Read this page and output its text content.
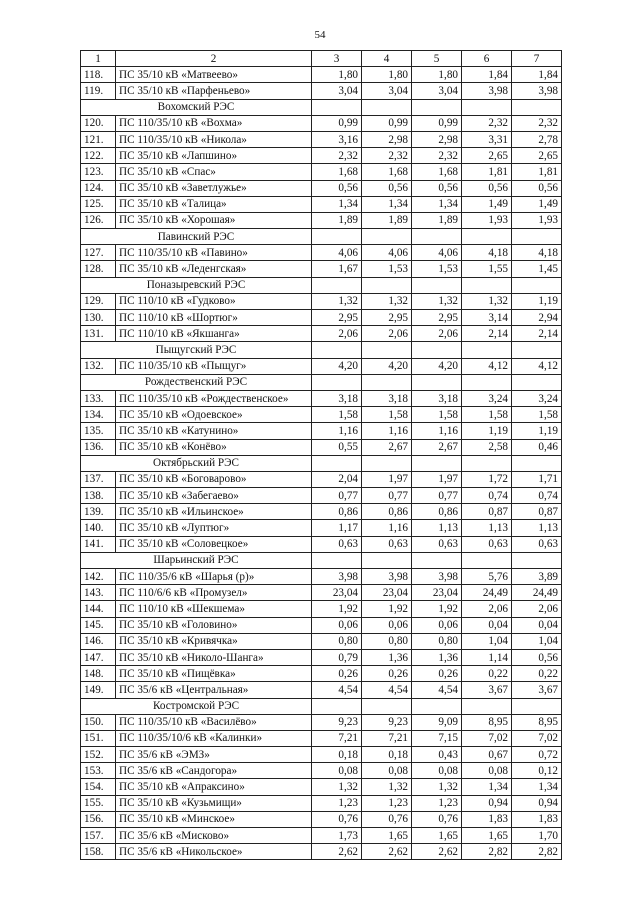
54
1	2	3	4	5	6	7
118.	ПС 35/10 кВ «Матвеево»	1,80	1,80	1,80	1,84	1,84
119.	ПС 35/10 кВ «Парфеньево»	3,04	3,04	3,04	3,98	3,98
Вохомский РЭС						
120.	ПС 110/35/10 кВ «Вохма»	0,99	0,99	0,99	2,32	2,32
121.	ПС 110/35/10 кВ «Никола»	3,16	2,98	2,98	3,31	2,78
122.	ПС 35/10 кВ «Лапшино»	2,32	2,32	2,32	2,65	2,65
123.	ПС 35/10 кВ «Спас»	1,68	1,68	1,68	1,81	1,81
124.	ПС 35/10 кВ «Заветлужье»	0,56	0,56	0,56	0,56	0,56
125.	ПС 35/10 кВ «Талица»	1,34	1,34	1,34	1,49	1,49
126.	ПС 35/10 кВ «Хорошая»	1,89	1,89	1,89	1,93	1,93
Павинский РЭС						
127.	ПС 110/35/10 кВ «Павино»	4,06	4,06	4,06	4,18	4,18
128.	ПС 35/10 кВ «Леденгская»	1,67	1,53	1,53	1,55	1,45
Поназыревский РЭС						
129.	ПС 110/10 кВ «Гудково»	1,32	1,32	1,32	1,32	1,19
130.	ПС 110/10 кВ «Шортюг»	2,95	2,95	2,95	3,14	2,94
131.	ПС 110/10 кВ «Якшанга»	2,06	2,06	2,06	2,14	2,14
Пыщугский РЭС						
132.	ПС 110/35/10 кВ «Пыщуг»	4,20	4,20	4,20	4,12	4,12
Рождественский РЭС						
133.	ПС 110/35/10 кВ «Рождественское»	3,18	3,18	3,18	3,24	3,24
134.	ПС 35/10 кВ «Одоевское»	1,58	1,58	1,58	1,58	1,58
135.	ПС 35/10 кВ «Катунино»	1,16	1,16	1,16	1,19	1,19
136.	ПС 35/10 кВ «Конёво»	0,55	2,67	2,67	2,58	0,46
Октябрьский РЭС						
137.	ПС 35/10 кВ «Боговарово»	2,04	1,97	1,97	1,72	1,71
138.	ПС 35/10 кВ «Забегаево»	0,77	0,77	0,77	0,74	0,74
139.	ПС 35/10 кВ «Ильинское»	0,86	0,86	0,86	0,87	0,87
140.	ПС 35/10 кВ «Луптюг»	1,17	1,16	1,13	1,13	1,13
141.	ПС 35/10 кВ «Соловецкое»	0,63	0,63	0,63	0,63	0,63
Шарьинский РЭС						
142.	ПС 110/35/6 кВ «Шарья (р)»	3,98	3,98	3,98	5,76	3,89
143.	ПС 110/6/6 кВ «Промузел»	23,04	23,04	23,04	24,49	24,49
144.	ПС 110/10 кВ «Шекшема»	1,92	1,92	1,92	2,06	2,06
145.	ПС 35/10 кВ «Головино»	0,06	0,06	0,06	0,04	0,04
146.	ПС 35/10 кВ «Кривячка»	0,80	0,80	0,80	1,04	1,04
147.	ПС 35/10 кВ «Николо-Шанга»	0,79	1,36	1,36	1,14	0,56
148.	ПС 35/10 кВ «Пищёвка»	0,26	0,26	0,26	0,22	0,22
149.	ПС 35/6 кВ «Центральная»	4,54	4,54	4,54	3,67	3,67
Костромской РЭС						
150.	ПС 110/35/10 кВ «Василёво»	9,23	9,23	9,09	8,95	8,95
151.	ПС 110/35/10/6 кВ «Калинки»	7,21	7,21	7,15	7,02	7,02
152.	ПС 35/6 кВ «ЭМЗ»	0,18	0,18	0,43	0,67	0,72
153.	ПС 35/6 кВ «Сандогора»	0,08	0,08	0,08	0,08	0,12
154.	ПС 35/10 кВ «Апраксино»	1,32	1,32	1,32	1,34	1,34
155.	ПС 35/10 кВ «Кузьмищи»	1,23	1,23	1,23	0,94	0,94
156.	ПС 35/10 кВ «Минское»	0,76	0,76	0,76	1,83	1,83
157.	ПС 35/6 кВ «Мисково»	1,73	1,65	1,65	1,65	1,70
158.	ПС 35/6 кВ «Никольское»	2,62	2,62	2,62	2,82	2,82
